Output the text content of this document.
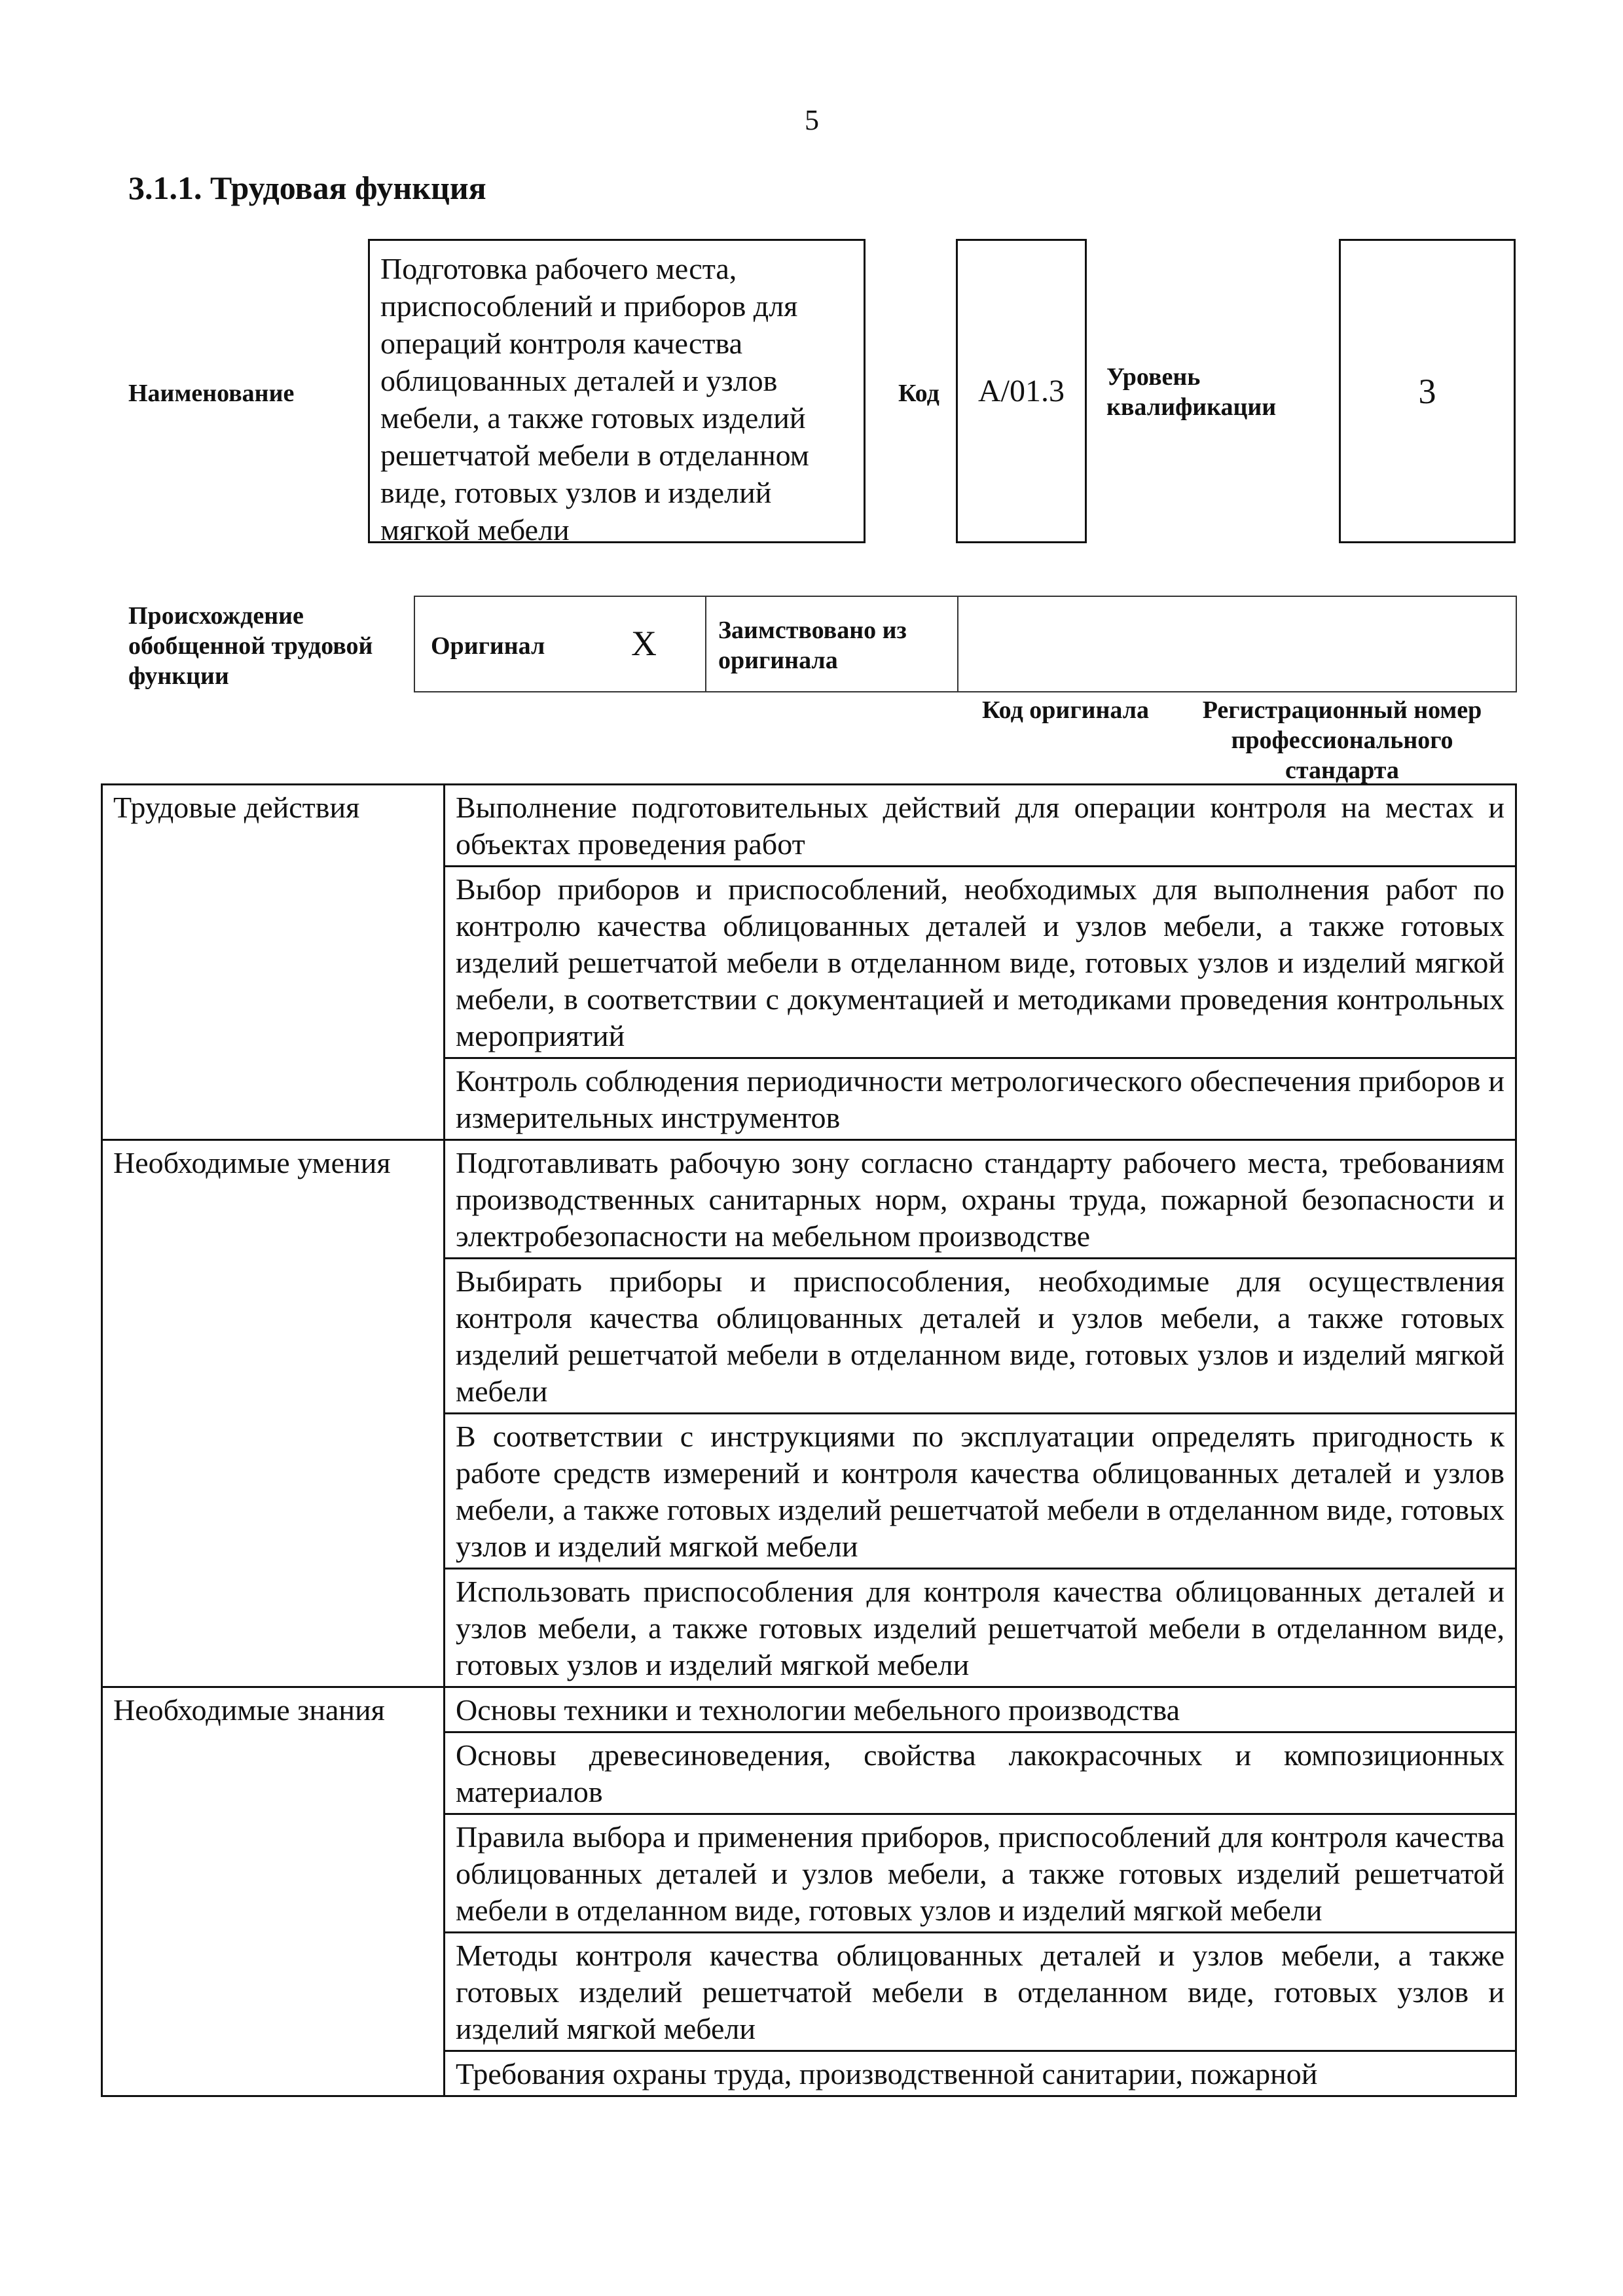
5
3.1.1. Трудовая функция
Наименование
Подготовка рабочего места, приспособлений и приборов для операций контроля качества облицованных деталей и узлов мебели, а также готовых изделий решетчатой мебели в отделанном виде, готовых узлов и изделий мягкой мебели
Код	А/01.3	Уровень квалификации	3
Происхождение обобщенной трудовой функции
Оригинал X Заимствовано из оригинала
Код оригинала Регистрационный номер профессионального стандарта
Трудовые действия	Выполнение подготовительных действий для операции контроля на местах и объектах проведения работ
	Выбор приборов и приспособлений, необходимых для выполнения работ по контролю качества облицованных деталей и узлов мебели, а также готовых изделий решетчатой мебели в отделанном виде, готовых узлов и изделий мягкой мебели, в соответствии с документацией и методиками проведения контрольных мероприятий
	Контроль соблюдения периодичности метрологического обеспечения приборов и измерительных инструментов
Необходимые умения	Подготавливать рабочую зону согласно стандарту рабочего места, требованиям производственных санитарных норм, охраны труда, пожарной безопасности и электробезопасности на мебельном производстве
	Выбирать приборы и приспособления, необходимые для осуществления контроля качества облицованных деталей и узлов мебели, а также готовых изделий решетчатой мебели в отделанном виде, готовых узлов и изделий мягкой мебели
	В соответствии с инструкциями по эксплуатации определять пригодность к работе средств измерений и контроля качества облицованных деталей и узлов мебели, а также готовых изделий решетчатой мебели в отделанном виде, готовых узлов и изделий мягкой мебели
	Использовать приспособления для контроля качества облицованных деталей и узлов мебели, а также готовых изделий решетчатой мебели в отделанном виде, готовых узлов и изделий мягкой мебели
Необходимые знания	Основы техники и технологии мебельного производства
	Основы древесиноведения, свойства лакокрасочных и композиционных материалов
	Правила выбора и применения приборов, приспособлений для контроля качества облицованных деталей и узлов мебели, а также готовых изделий решетчатой мебели в отделанном виде, готовых узлов и изделий мягкой мебели
	Методы контроля качества облицованных деталей и узлов мебели, а также готовых изделий решетчатой мебели в отделанном виде, готовых узлов и изделий мягкой мебели
	Требования охраны труда, производственной санитарии, пожарной
